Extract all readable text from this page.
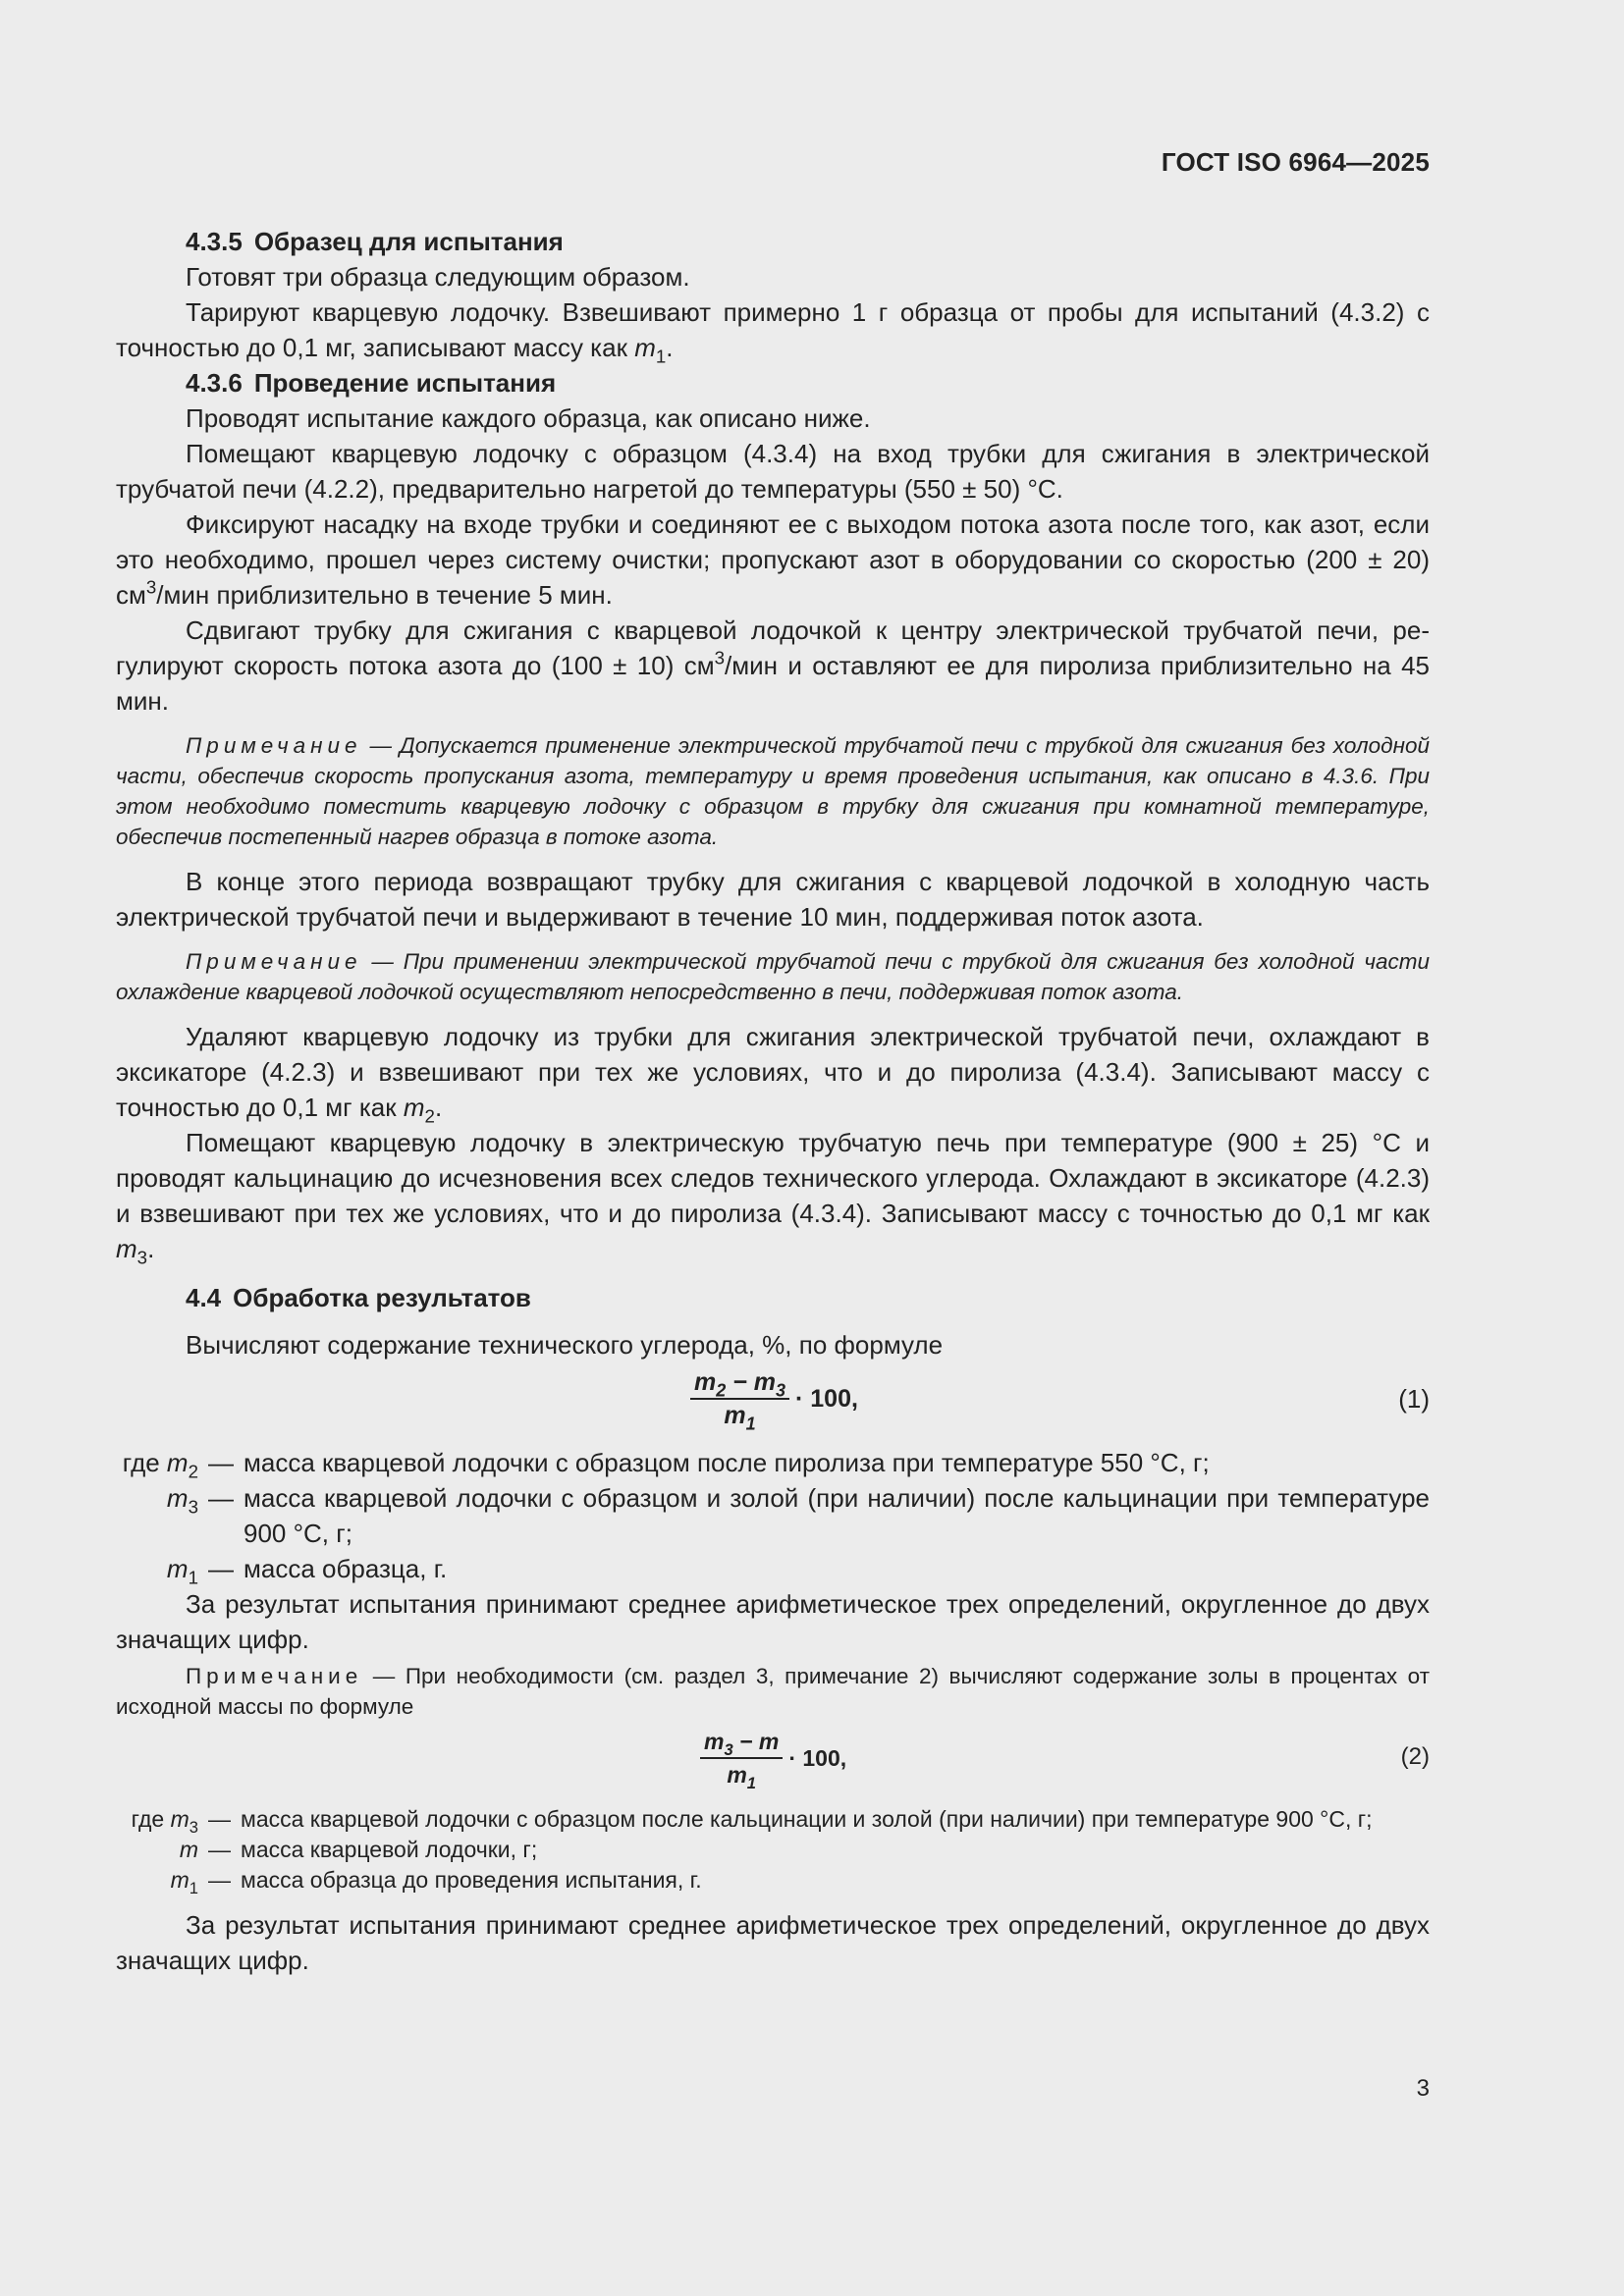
ГОСТ ISO 6964—2025

4.3.5 Образец для испытания

Готовят три образца следующим образом.

Тарируют кварцевую лодочку. Взвешивают примерно 1 г образца от пробы для испытаний (4.3.2) с точностью до 0,1 мг, записывают массу как $m_1$.

4.3.6 Проведение испытания

Проводят испытание каждого образца, как описано ниже.

Помещают кварцевую лодочку с образцом (4.3.4) на вход трубки для сжигания в электрической трубчатой печи (4.2.2), предварительно нагретой до температуры (550 ± 50) °С.

Фиксируют насадку на входе трубки и соединяют ее с выходом потока азота после того, как азот, если это необходимо, прошел через систему очистки; пропускают азот в оборудовании со скоростью (200 ± 20) $см^3$/мин приблизительно в течение 5 мин.

Сдвигают трубку для сжигания с кварцевой лодочкой к центру электрической трубчатой печи, регулируют скорость потока азота до (100 ± 10) $см^3$/мин и оставляют ее для пиролиза приблизительно на 45 мин.

Примечание — Допускается применение электрической трубчатой печи с трубкой для сжигания без холодной части, обеспечив скорость пропускания азота, температуру и время проведения испытания, как описано в 4.3.6. При этом необходимо поместить кварцевую лодочку с образцом в трубку для сжигания при комнатной температуре, обеспечив постепенный нагрев образца в потоке азота.

В конце этого периода возвращают трубку для сжигания с кварцевой лодочкой в холодную часть электрической трубчатой печи и выдерживают в течение 10 мин, поддерживая поток азота.

Примечание — При применении электрической трубчатой печи с трубкой для сжигания без холодной части охлаждение кварцевой лодочкой осуществляют непосредственно в печи, поддерживая поток азота.

Удаляют кварцевую лодочку из трубки для сжигания электрической трубчатой печи, охлаждают в эксикаторе (4.2.3) и взвешивают при тех же условиях, что и до пиролиза (4.3.4). Записывают массу с точностью до 0,1 мг как $m_2$.

Помещают кварцевую лодочку в электрическую трубчатую печь при температуре (900 ± 25) °С и проводят кальцинацию до исчезновения всех следов технического углерода. Охлаждают в эксикаторе (4.2.3) и взвешивают при тех же условиях, что и до пиролиза (4.3.4). Записывают массу с точностью до 0,1 мг как $m_3$.

4.4 Обработка результатов

Вычисляют содержание технического углерода, %, по формуле

$\frac{m_2 - m_3}{m_1} \cdot 100$,	(1)
где $m_2$ — масса кварцевой лодочки с образцом после пиролиза при температуре 550 °С, г;
$m_3$ — масса кварцевой лодочки с образцом и золой (при наличии) после кальцинации при температуре 900 °С, г;
$m_1$ — масса образца, г.

За результат испытания принимают среднее арифметическое трех определений, округленное до двух значащих цифр.

Примечание — При необходимости (см. раздел 3, примечание 2) вычисляют содержание золы в процентах от исходной массы по формуле
$\frac{m_3 - m}{m_1} \cdot 100$,	(2)
где $m_3$ — масса кварцевой лодочки с образцом после кальцинации и золой (при наличии) при температуре 900 °С, г;
m — масса кварцевой лодочки, г;
$m_1$ — масса образца до проведения испытания, г.

За результат испытания принимают среднее арифметическое трех определений, округленное до двух значащих цифр.

3
